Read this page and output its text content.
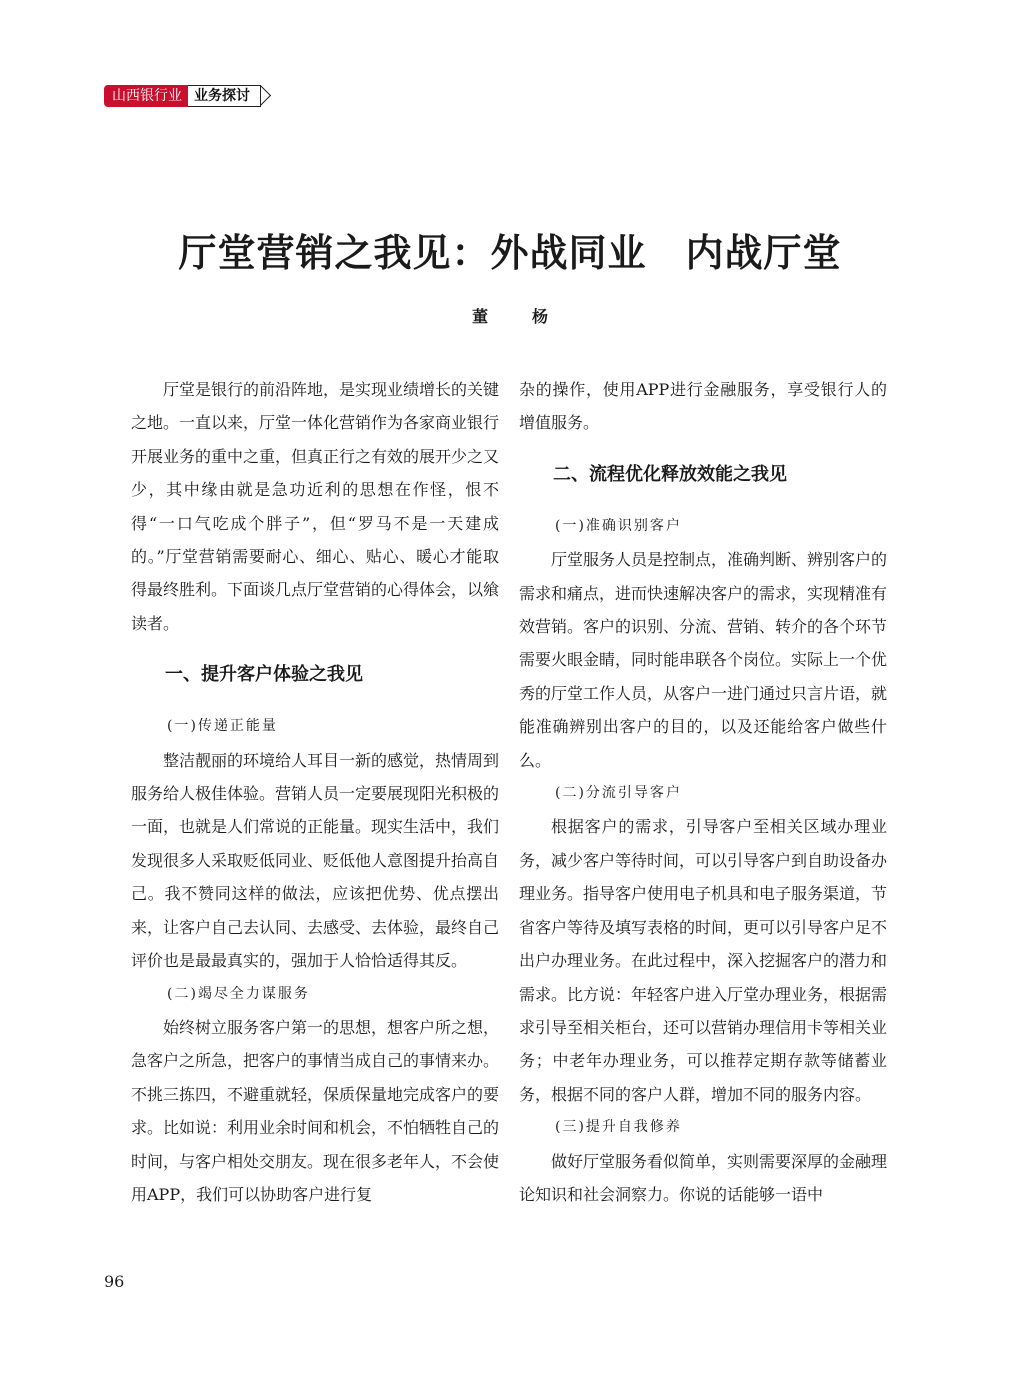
山西银行业 业务探讨
厅堂营销之我见：外战同业　内战厅堂
董　杨

厅堂是银行的前沿阵地，是实现业绩增长的关键之地。一直以来，厅堂一体化营销作为各家商业银行开展业务的重中之重，但真正行之有效的展开少之又少，其中缘由就是急功近利的思想在作怪，恨不得“一口气吃成个胖子”，但“罗马不是一天建成的。”厅堂营销需要耐心、细心、贴心、暖心才能取得最终胜利。下面谈几点厅堂营销的心得体会，以飨读者。

一、提升客户体验之我见
(一)传递正能量

整洁靓丽的环境给人耳目一新的感觉，热情周到服务给人极佳体验。营销人员一定要展现阳光积极的一面，也就是人们常说的正能量。现实生活中，我们发现很多人采取贬低同业、贬低他人意图提升抬高自己。我不赞同这样的做法，应该把优势、优点摆出来，让客户自己去认同、去感受、去体验，最终自己评价也是最最真实的，强加于人恰恰适得其反。

(二)竭尽全力谋服务

始终树立服务客户第一的思想，想客户所之想，急客户之所急，把客户的事情当成自己的事情来办。不挑三拣四，不避重就轻，保质保量地完成客户的要求。比如说：利用业余时间和机会，不怕牺牲自己的时间，与客户相处交朋友。现在很多老年人，不会使用APP，我们可以协助客户进行复

杂的操作，使用APP进行金融服务，享受银行人的增值服务。

二、流程优化释放效能之我见
(一)准确识别客户

厅堂服务人员是控制点，准确判断、辨别客户的需求和痛点，进而快速解决客户的需求，实现精准有效营销。客户的识别、分流、营销、转介的各个环节需要火眼金睛，同时能串联各个岗位。实际上一个优秀的厅堂工作人员，从客户一进门通过只言片语，就能准确辨别出客户的目的，以及还能给客户做些什么。

(二)分流引导客户

根据客户的需求，引导客户至相关区域办理业务，减少客户等待时间，可以引导客户到自助设备办理业务。指导客户使用电子机具和电子服务渠道，节省客户等待及填写表格的时间，更可以引导客户足不出户办理业务。在此过程中，深入挖掘客户的潜力和需求。比方说：年轻客户进入厅堂办理业务，根据需求引导至相关柜台，还可以营销办理信用卡等相关业务；中老年办理业务，可以推荐定期存款等储蓄业务，根据不同的客户人群，增加不同的服务内容。

(三)提升自我修养

做好厅堂服务看似简单，实则需要深厚的金融理论知识和社会洞察力。你说的话能够一语中

96
